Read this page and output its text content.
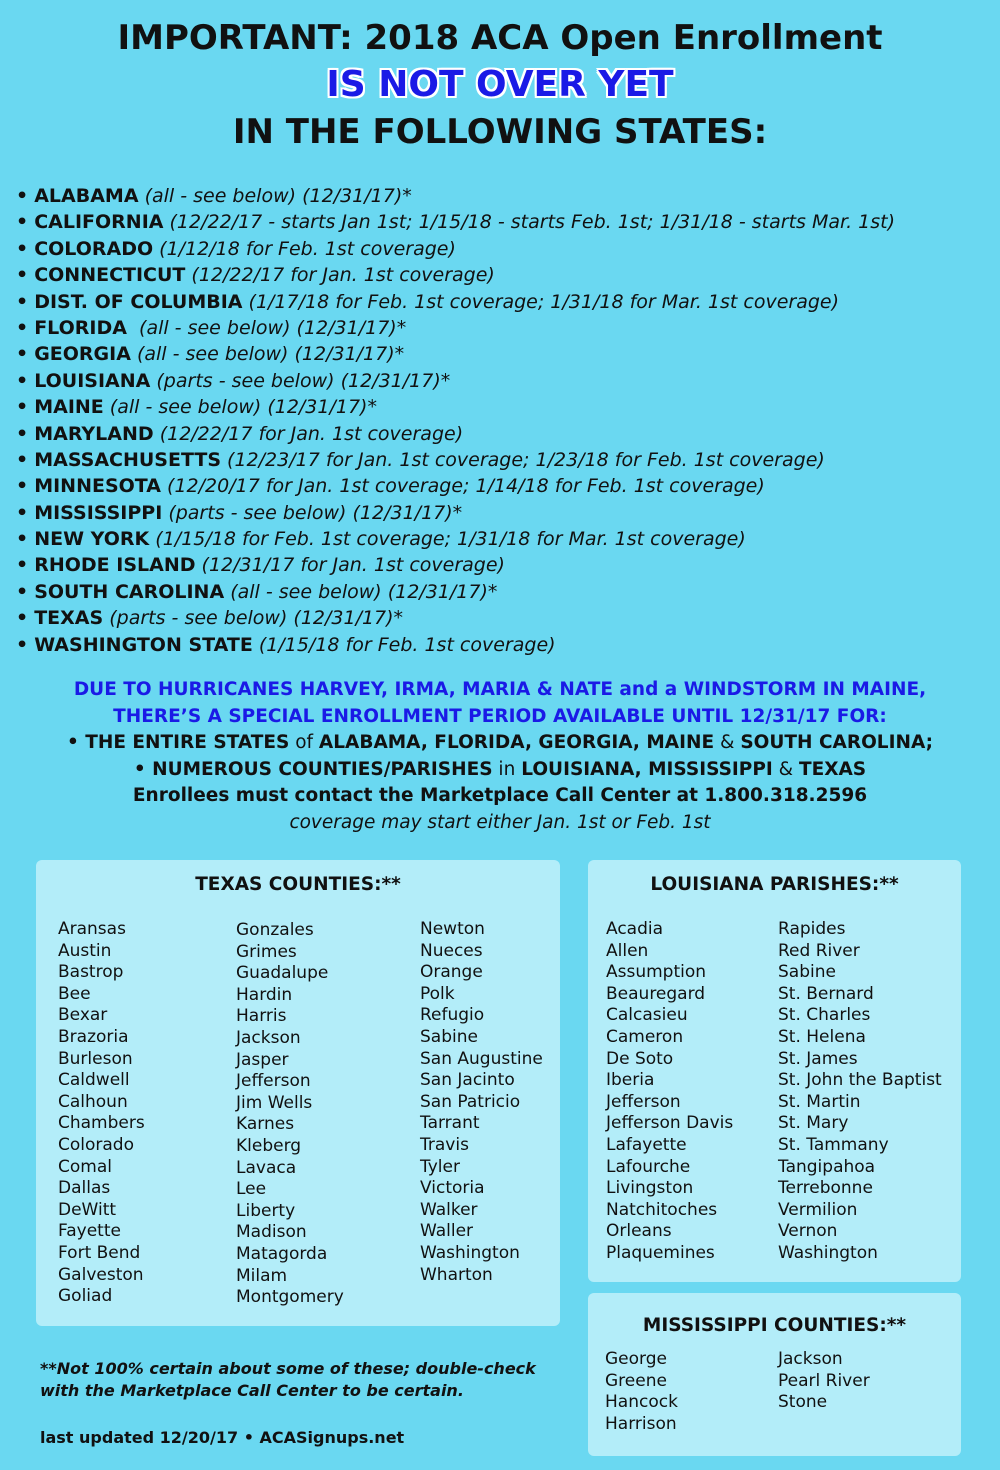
IMPORTANT: 2018 ACA Open Enrollment
IS NOT OVER YET
IN THE FOLLOWING STATES:
• ALABAMA (all - see below) (12/31/17)*
• CALIFORNIA (12/22/17 - starts Jan 1st; 1/15/18 - starts Feb. 1st; 1/31/18 - starts Mar. 1st)
• COLORADO (1/12/18 for Feb. 1st coverage)
• CONNECTICUT (12/22/17 for Jan. 1st coverage)
• DIST. OF COLUMBIA (1/17/18 for Feb. 1st coverage; 1/31/18 for Mar. 1st coverage)
• FLORIDA  (all - see below) (12/31/17)*
• GEORGIA (all - see below) (12/31/17)*
• LOUISIANA (parts - see below) (12/31/17)*
• MAINE (all - see below) (12/31/17)*
• MARYLAND (12/22/17 for Jan. 1st coverage)
• MASSACHUSETTS (12/23/17 for Jan. 1st coverage; 1/23/18 for Feb. 1st coverage)
• MINNESOTA (12/20/17 for Jan. 1st coverage; 1/14/18 for Feb. 1st coverage)
• MISSISSIPPI (parts - see below) (12/31/17)*
• NEW YORK (1/15/18 for Feb. 1st coverage; 1/31/18 for Mar. 1st coverage)
• RHODE ISLAND (12/31/17 for Jan. 1st coverage)
• SOUTH CAROLINA (all - see below) (12/31/17)*
• TEXAS (parts - see below) (12/31/17)*
• WASHINGTON STATE (1/15/18 for Feb. 1st coverage)
DUE TO HURRICANES HARVEY, IRMA, MARIA & NATE and a WINDSTORM IN MAINE,
THERE’S A SPECIAL ENROLLMENT PERIOD AVAILABLE UNTIL 12/31/17 FOR:
• THE ENTIRE STATES of ALABAMA, FLORIDA, GEORGIA, MAINE & SOUTH CAROLINA;
• NUMEROUS COUNTIES/PARISHES in LOUISIANA, MISSISSIPPI & TEXAS
Enrollees must contact the Marketplace Call Center at 1.800.318.2596
coverage may start either Jan. 1st or Feb. 1st
TEXAS COUNTIES:**
Aransas
Austin
Bastrop
Bee
Bexar
Brazoria
Burleson
Caldwell
Calhoun
Chambers
Colorado
Comal
Dallas
DeWitt
Fayette
Fort Bend
Galveston
Goliad
Gonzales
Grimes
Guadalupe
Hardin
Harris
Jackson
Jasper
Jefferson
Jim Wells
Karnes
Kleberg
Lavaca
Lee
Liberty
Madison
Matagorda
Milam
Montgomery
Newton
Nueces
Orange
Polk
Refugio
Sabine
San Augustine
San Jacinto
San Patricio
Tarrant
Travis
Tyler
Victoria
Walker
Waller
Washington
Wharton
LOUISIANA PARISHES:**
Acadia
Allen
Assumption
Beauregard
Calcasieu
Cameron
De Soto
Iberia
Jefferson
Jefferson Davis
Lafayette
Lafourche
Livingston
Natchitoches
Orleans
Plaquemines
Rapides
Red River
Sabine
St. Bernard
St. Charles
St. Helena
St. James
St. John the Baptist
St. Martin
St. Mary
St. Tammany
Tangipahoa
Terrebonne
Vermilion
Vernon
Washington
MISSISSIPPI COUNTIES:**
George
Greene
Hancock
Harrison
Jackson
Pearl River
Stone
**Not 100% certain about some of these; double-check
with the Marketplace Call Center to be certain.
last updated 12/20/17 • ACASignups.net
